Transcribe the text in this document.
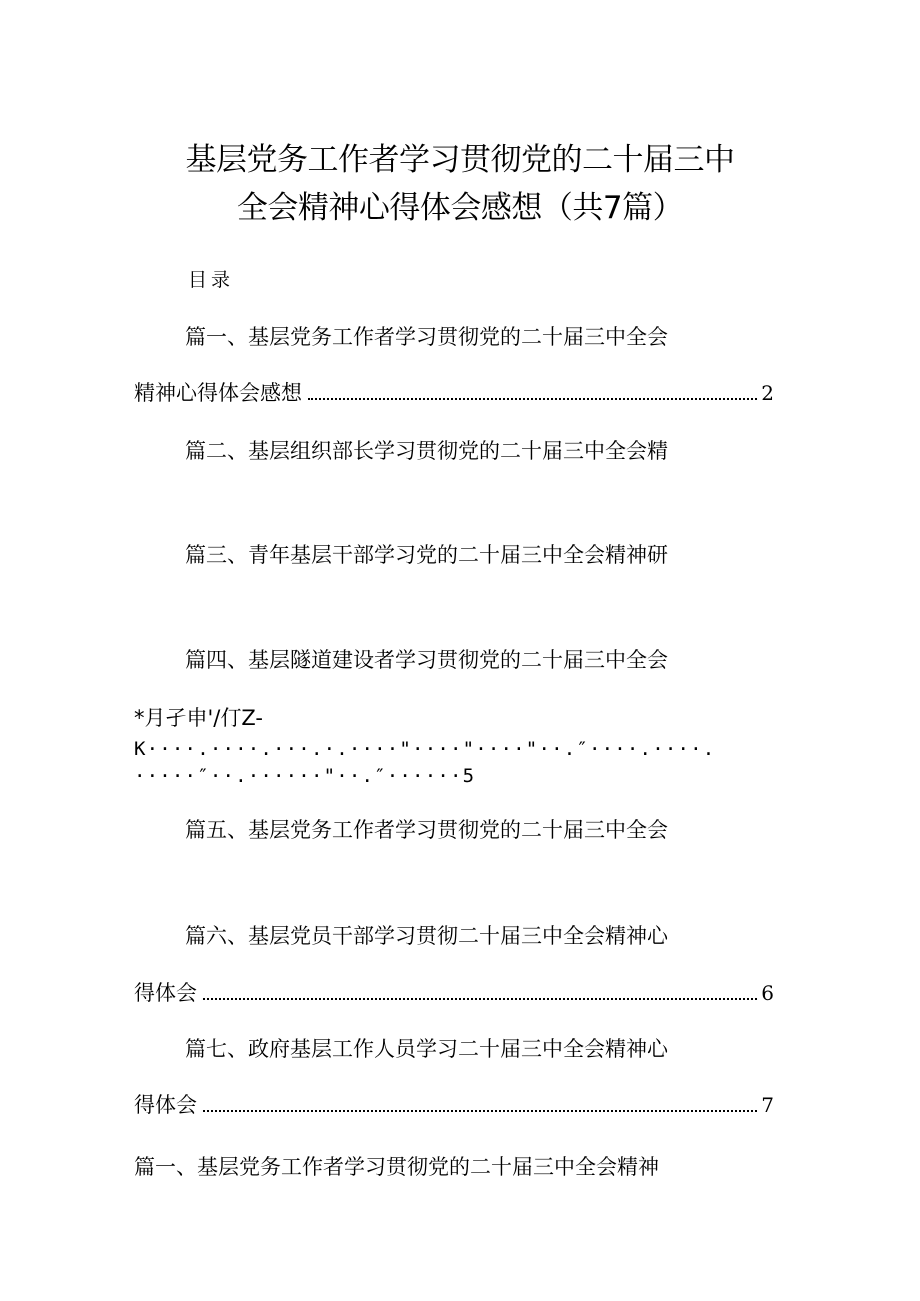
基层党务工作者学习贯彻党的二十届三中
全会精神心得体会感想（共7篇）
目录
篇一、基层党务工作者学习贯彻党的二十届三中全会
精神心得体会感想	2
篇二、基层组织部长学习贯彻党的二十届三中全会精
篇三、青年基层干部学习党的二十届三中全会精神研
篇四、基层隧道建设者学习贯彻党的二十届三中全会
*月孑申'/仃Z-
K····.····.···.·.····"····"····"··.″····.····.
·····″··.······"··.″······5
篇五、基层党务工作者学习贯彻党的二十届三中全会
篇六、基层党员干部学习贯彻二十届三中全会精神心
得体会	6
篇七、政府基层工作人员学习二十届三中全会精神心
得体会	7
篇一、基层党务工作者学习贯彻党的二十届三中全会精神
